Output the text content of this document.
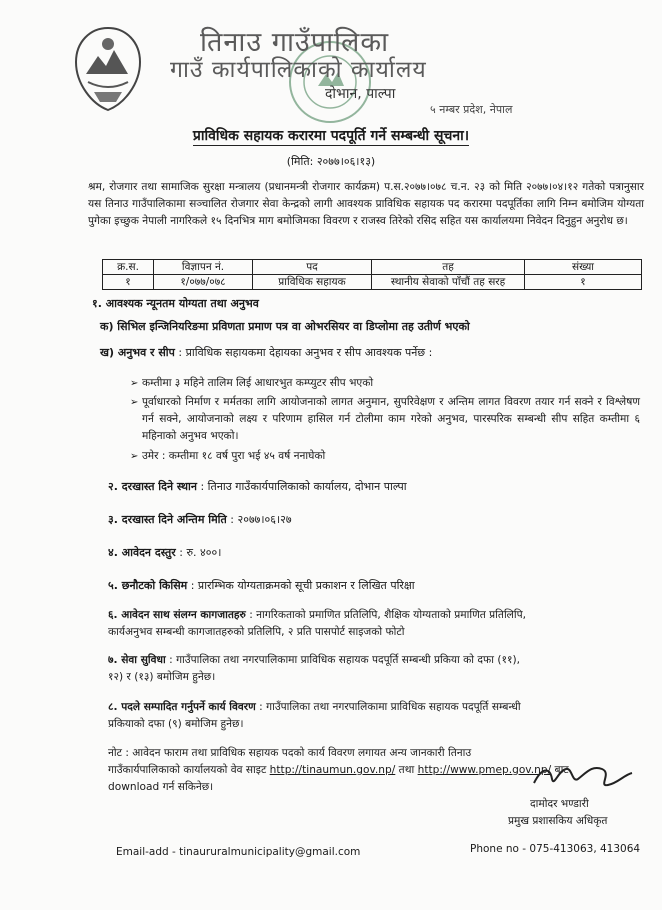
तिनाउ गाउँपालिका
गाउँ कार्यपालिकाको कार्यालय
दोभान, पाल्पा
५ नम्बर प्रदेश, नेपाल
प्राविधिक सहायक करारमा पदपूर्ति गर्ने सम्बन्धी सूचना।
(मिति: २०७७।०६।१३)
श्रम, रोजगार तथा सामाजिक सुरक्षा मन्त्रालय (प्रधानमन्त्री रोजगार कार्यक्रम) प.स.२०७७।०७८ च.न. २३ को मिति २०७७।०४।१२ गतेको पत्रानुसार यस तिनाउ गाउँपालिकामा सञ्चालित रोजगार सेवा केन्द्रको लागी आवश्यक प्राविधिक सहायक पद करारमा पदपूर्तिका लागि निम्न बमोजिम योग्यता पुगेका इच्छुक नेपाली नागरिकले १५ दिनभित्र माग बमोजिमका विवरण र राजस्व तिरेको रसिद सहित यस कार्यालयमा निवेदन दिनुहुन अनुरोध छ।
क्र.स.	विज्ञापन नं.	पद	तह	संख्या
१	१/०७७/०७८	प्राविधिक सहायक	स्थानीय सेवाको पाँचौं तह सरह	१
१. आवश्यक न्यूनतम योग्यता तथा अनुभव
क) सिभिल इन्जिनियरिङमा प्रविणता प्रमाण पत्र वा ओभरसियर वा डिप्लोमा तह उतीर्ण भएको
ख) अनुभव र सीप : प्राविधिक सहायकमा देहायका अनुभव र सीप आवश्यक पर्नेछ :
➢ कम्तीमा ३ महिने तालिम लिई आधारभुत कम्प्युटर सीप भएको
➢ पूर्वाधारको निर्माण र मर्मतका लागि आयोजनाको लागत अनुमान, सुपरिवेक्षण र अन्तिम लागत विवरण तयार गर्न सक्ने र विश्लेषण गर्न सक्ने, आयोजनाको लक्ष्य र परिणाम हासिल गर्न टोलीमा काम गरेको अनुभव, पारस्परिक सम्बन्धी सीप सहित कम्तीमा ६ महिनाको अनुभव भएको।
➢ उमेर : कम्तीमा १८ वर्ष पुरा भई ४५ वर्ष ननाघेको
२. दरखास्त दिने स्थान : तिनाउ गाउँकार्यपालिकाको कार्यालय, दोभान पाल्पा
३. दरखास्त दिने अन्तिम मिति : २०७७।०६।२७
४. आवेदन दस्तुर : रु. ४००।
५. छनौटको किसिम : प्रारम्भिक योग्यताक्रमको सूची प्रकाशन र लिखित परिक्षा
६. आवेदन साथ संलग्न कागजातहरु : नागरिकताको प्रमाणित प्रतिलिपि, शैक्षिक योग्यताको प्रमाणित प्रतिलिपि,
कार्यअनुभव सम्बन्धी कागजातहरुको प्रतिलिपि, २ प्रति पासपोर्ट साइजको फोटो
७. सेवा सुविधा : गाउँपालिका तथा नगरपालिकामा प्राविधिक सहायक पदपूर्ति सम्बन्धी प्रकिया को दफा (११),
१२) र (१३) बमोजिम हुनेछ।
८. पदले सम्पादित गर्नुपर्ने कार्य विवरण : गाउँपालिका तथा नगरपालिकामा प्राविधिक सहायक पदपूर्ति सम्बन्धी
प्रकियाको दफा (९) बमोजिम हुनेछ।
नोट : आवेदन फाराम तथा प्राविधिक सहायक पदको कार्य विवरण लगायत अन्य जानकारी तिनाउ
गाउँकार्यपालिकाको कार्यालयको वेव साइट http://tinaumun.gov.np/ तथा http://www.pmep.gov.np/ बाट
download गर्न सकिनेछ।
दामोदर भण्डारी
प्रमुख प्रशासकिय अधिकृत
Email-add - tinaururalmunicipality@gmail.com	Phone no - 075-413063, 413064
